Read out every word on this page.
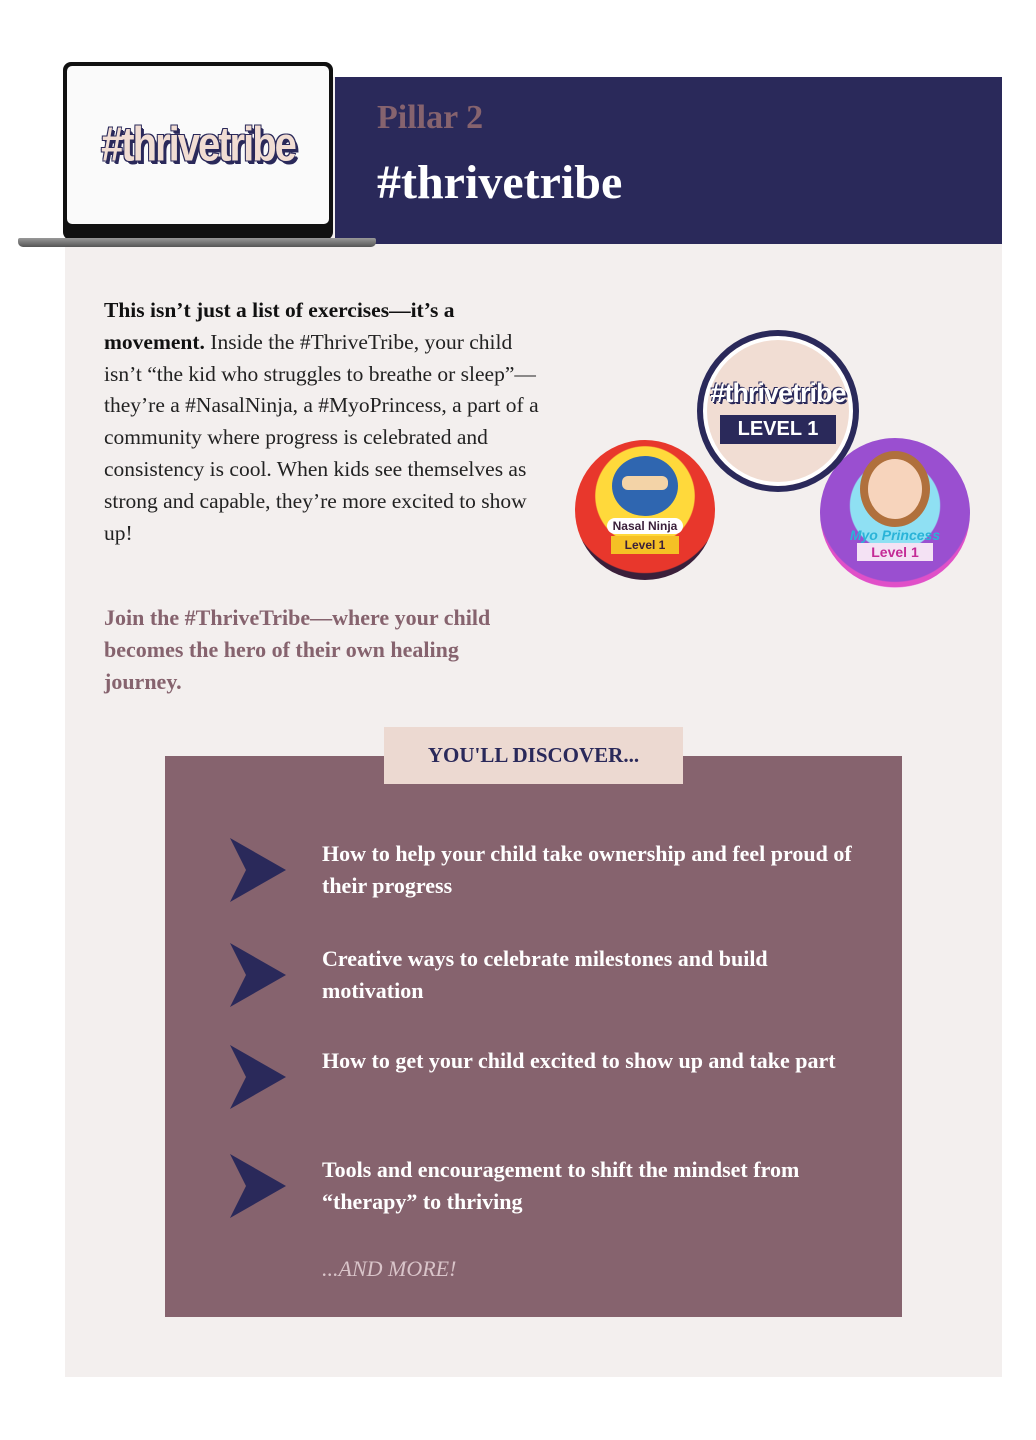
Pillar 2
#thrivetribe
#thrivetribe
This isn’t just a list of exercises—it’s a movement. Inside the #ThriveTribe, your child isn’t “the kid who struggles to breathe or sleep”—they’re a #NasalNinja, a #MyoPrincess, a part of a community where progress is celebrated and consistency is cool. When kids see themselves as strong and capable, they’re more excited to show up!
Join the #ThriveTribe—where your child becomes the hero of their own healing journey.
Nasal Ninja
Level 1
Myo Princess
Level 1
#thrivetribe
LEVEL 1
YOU'LL DISCOVER...
How to help your child take ownership and feel proud of their progress
Creative ways to celebrate milestones and build motivation
How to get your child excited to show up and take part
Tools and encouragement to shift the mindset from “therapy” to thriving
...AND MORE!
